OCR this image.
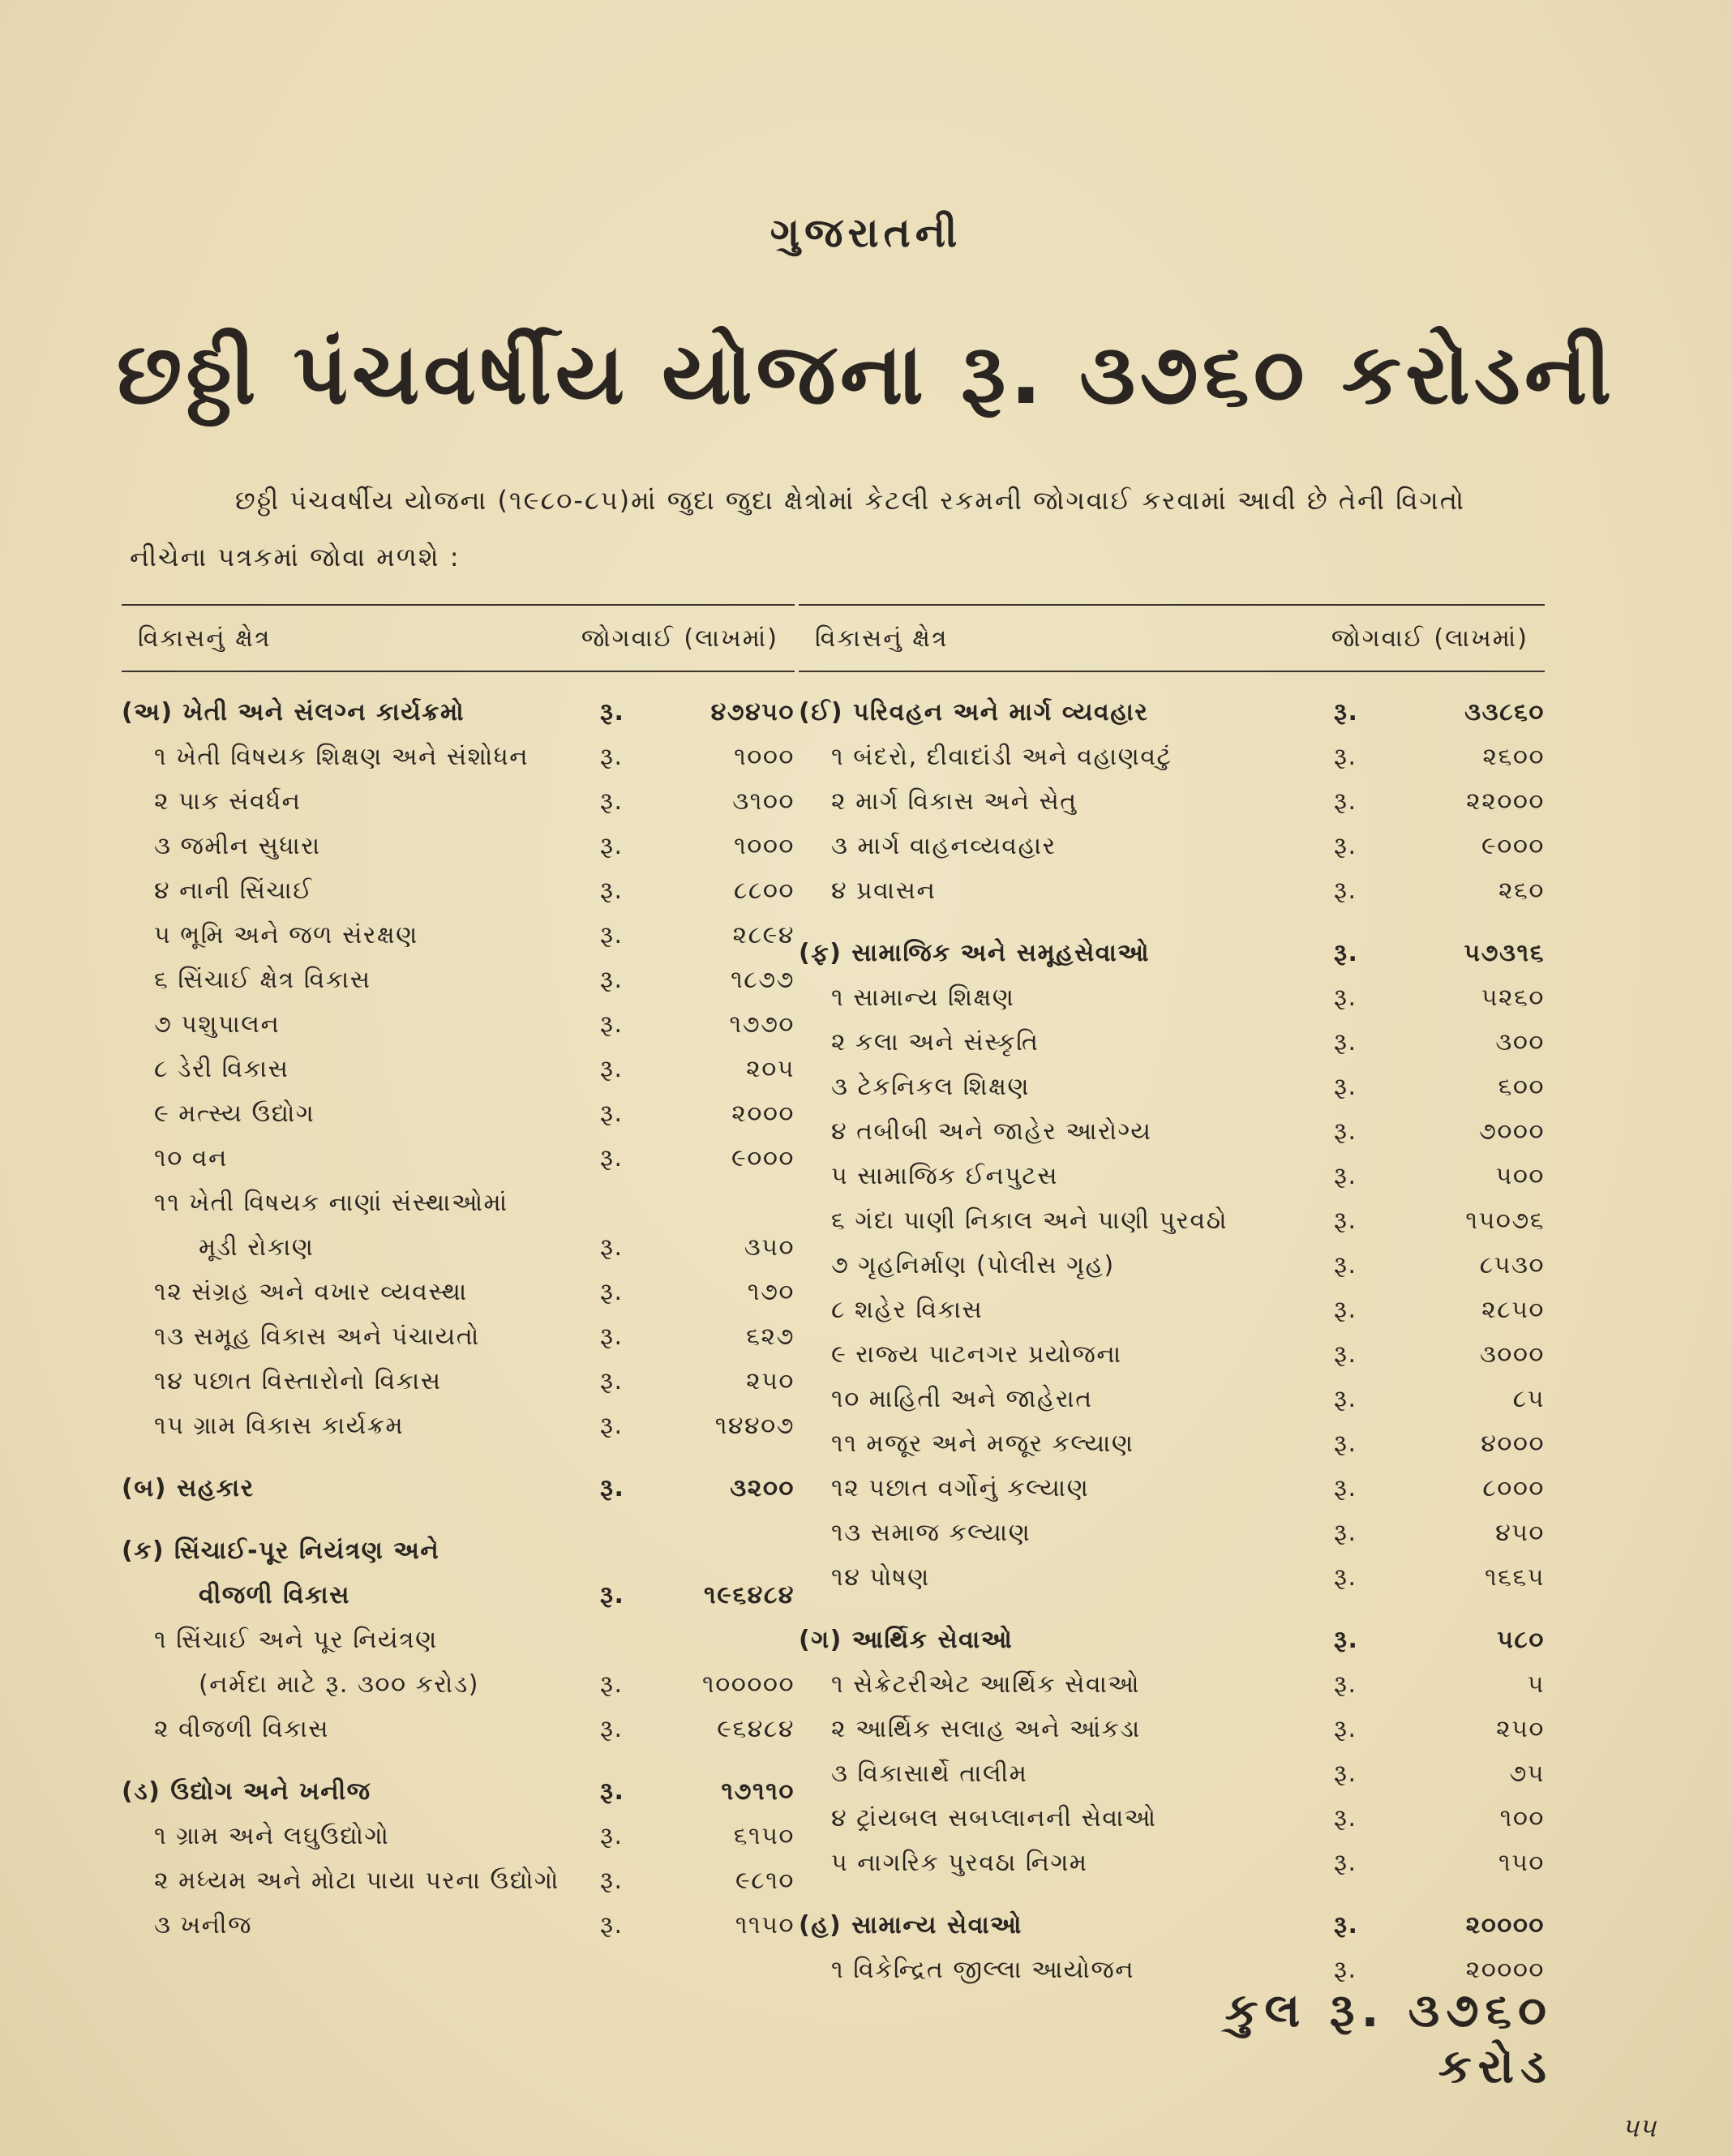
ગુજરાતની
છઠ્ઠી પંચવર્ષીય યોજના રૂ. ૩૭૬૦ કરોડની
છઠ્ઠી પંચવર્ષીય યોજના (૧૯૮૦-૮૫)માં જુદા જુદા ક્ષેત્રોમાં કેટલી રકમની જોગવાઈ કરવામાં આવી છે તેની વિગતો નીચેના પત્રકમાં જોવા મળશે :
વિકાસનું ક્ષેત્ર	જોગવાઈ (લાખમાં)
(અ) ખેતી અને સંલગ્ન કાર્યક્રમો	રૂ.	૪૭૪૫૦
૧ ખેતી વિષયક શિક્ષણ અને સંશોધન	રૂ.	૧૦૦૦
૨ પાક સંવર્ધન	રૂ.	૩૧૦૦
૩ જમીન સુધારા	રૂ.	૧૦૦૦
૪ નાની સિંચાઈ	રૂ.	૮૮૦૦
૫ ભૂમિ અને જળ સંરક્ષણ	રૂ.	૨૮૯૪
૬ સિંચાઈ ક્ષેત્ર વિકાસ	રૂ.	૧૮૭૭
૭ પશુપાલન	રૂ.	૧૭૭૦
૮ ડેરી વિકાસ	રૂ.	૨૦૫
૯ મત્સ્ય ઉદ્યોગ	રૂ.	૨૦૦૦
૧૦ વન	રૂ.	૯૦૦૦
૧૧ ખેતી વિષયક નાણાં સંસ્થાઓમાં
મૂડી રોકાણ	રૂ.	૩૫૦
૧૨ સંગ્રહ અને વખાર વ્યવસ્થા	રૂ.	૧૭૦
૧૩ સમૂહ વિકાસ અને પંચાયતો	રૂ.	૬૨૭
૧૪ પછાત વિસ્તારોનો વિકાસ	રૂ.	૨૫૦
૧૫ ગ્રામ વિકાસ કાર્યક્રમ	રૂ.	૧૪૪૦૭
(બ) સહકાર	રૂ.	૩૨૦૦
(ક) સિંચાઈ-પૂર નિયંત્રણ અને
વીજળી વિકાસ	રૂ.	૧૯૬૪૮૪
૧ સિંચાઈ અને પૂર નિયંત્રણ
(નર્મદા માટે રૂ. ૩૦૦ કરોડ)	રૂ.	૧૦૦૦૦૦
૨ વીજળી વિકાસ	રૂ.	૯૬૪૮૪
(ડ) ઉદ્યોગ અને ખનીજ	રૂ.	૧૭૧૧૦
૧ ગ્રામ અને લઘુઉદ્યોગો	રૂ.	૬૧૫૦
૨ મધ્યમ અને મોટા પાયા પરના ઉદ્યોગો રૂ.	૯૮૧૦
૩ ખનીજ	રૂ.	૧૧૫૦
વિકાસનું ક્ષેત્ર	જોગવાઈ (લાખમાં)
(ઈ) પરિવહન અને માર્ગ વ્યવહાર	રૂ.	૩૩૮૬૦
૧ બંદરો, દીવાદાંડી અને વહાણવટું	રૂ.	૨૬૦૦
૨ માર્ગ વિકાસ અને સેતુ	રૂ.	૨૨૦૦૦
૩ માર્ગ વાહનવ્યવહાર	રૂ.	૯૦૦૦
૪ પ્રવાસન	રૂ.	૨૬૦
(ફ) સામાજિક અને સમૂહસેવાઓ	રૂ.	૫૭૩૧૬
૧ સામાન્ય શિક્ષણ	રૂ.	૫૨૬૦
૨ કલા અને સંસ્કૃતિ	રૂ.	૩૦૦
૩ ટેકનિકલ શિક્ષણ	રૂ.	૬૦૦
૪ તબીબી અને જાહેર આરોગ્ય	રૂ.	૭૦૦૦
૫ સામાજિક ઈનપુટસ	રૂ.	૫૦૦
૬ ગંદા પાણી નિકાલ અને પાણી પુરવઠો	રૂ.	૧૫૦૭૬
૭ ગૃહનિર્માણ (પોલીસ ગૃહ)	રૂ.	૮૫૩૦
૮ શહેર વિકાસ	રૂ.	૨૮૫૦
૯ રાજ્ય પાટનગર પ્રયોજના	રૂ.	૩૦૦૦
૧૦ માહિતી અને જાહેરાત	રૂ.	૮૫
૧૧ મજૂર અને મજૂર કલ્યાણ	રૂ.	૪૦૦૦
૧૨ પછાત વર્ગોનું કલ્યાણ	રૂ.	૮૦૦૦
૧૩ સમાજ કલ્યાણ	રૂ.	૪૫૦
૧૪ પોષણ	રૂ.	૧૬૬૫
(ગ) આર્થિક સેવાઓ	રૂ.	૫૮૦
૧ સેક્રેટરીએટ આર્થિક સેવાઓ	રૂ.	૫
૨ આર્થિક સલાહ અને આંકડા	રૂ.	૨૫૦
૩ વિકાસાર્થે તાલીમ	રૂ.	૭૫
૪ ટ્રાંયબલ સબપ્લાનની સેવાઓ	રૂ.	૧૦૦
૫ નાગરિક પુરવઠા નિગમ	રૂ.	૧૫૦
(હ) સામાન્ય સેવાઓ	રૂ.	૨૦૦૦૦
૧ વિકેન્દ્રિત જીલ્લા આયોજન	રૂ.	૨૦૦૦૦
કુલ રૂ. ૩૭૬૦ કરોડ
૫૫
